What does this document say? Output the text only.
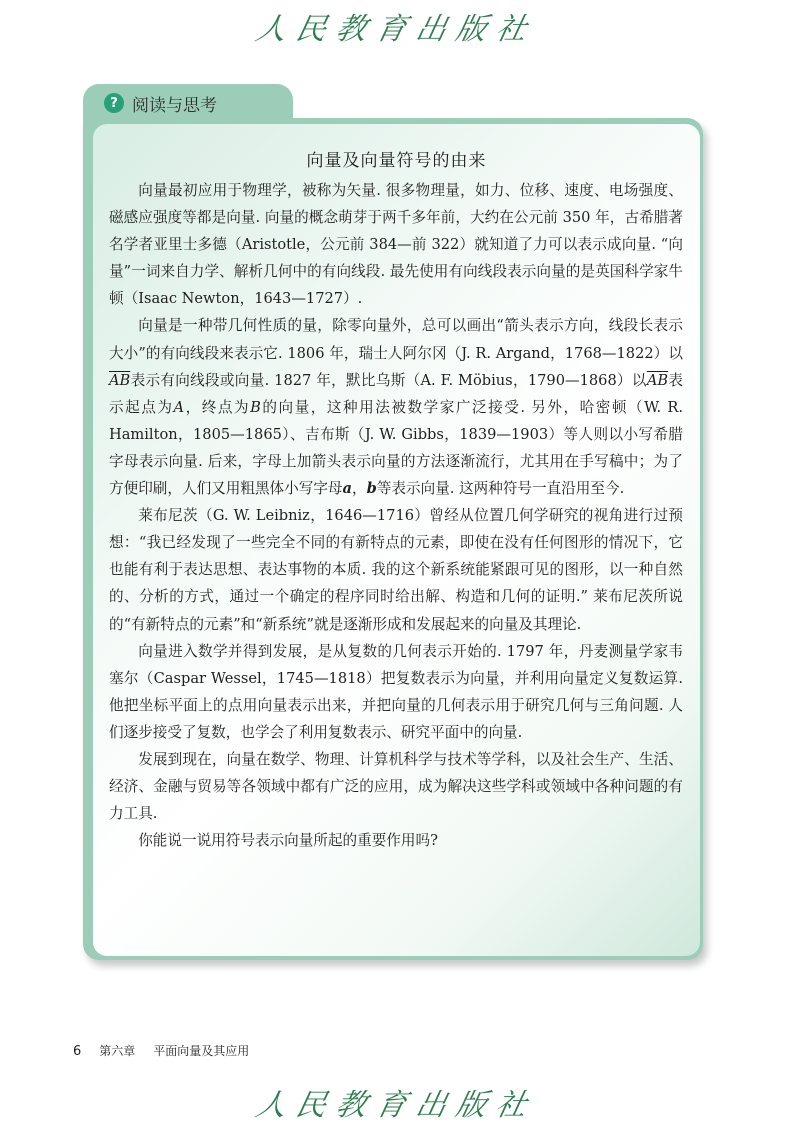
人民教育出版社
? 阅读与思考
向量及向量符号的由来

向量最初应用于物理学，被称为矢量. 很多物理量，如力、位移、速度、电场强度、磁感应强度等都是向量. 向量的概念萌芽于两千多年前，大约在公元前 350 年，古希腊著名学者亚里士多德（Aristotle，公元前 384—前 322）就知道了力可以表示成向量. “向量”一词来自力学、解析几何中的有向线段. 最先使用有向线段表示向量的是英国科学家牛顿（Isaac Newton，1643—1727）.

向量是一种带几何性质的量，除零向量外，总可以画出“箭头表示方向，线段长表示大小”的有向线段来表示它. 1806 年，瑞士人阿尔冈（J. R. Argand，1768—1822）以$\overline{AB}$表示有向线段或向量. 1827 年，默比乌斯（A. F. Möbius，1790—1868）以$\overline{AB}$表示起点为A，终点为B的向量，这种用法被数学家广泛接受. 另外，哈密顿（W. R. Hamilton，1805—1865）、吉布斯（J. W. Gibbs，1839—1903）等人则以小写希腊字母表示向量. 后来，字母上加箭头表示向量的方法逐渐流行，尤其用在手写稿中；为了方便印刷，人们又用粗黑体小写字母a，b等表示向量. 这两种符号一直沿用至今.

莱布尼茨（G. W. Leibniz，1646—1716）曾经从位置几何学研究的视角进行过预想：“我已经发现了一些完全不同的有新特点的元素，即使在没有任何图形的情况下，它也能有利于表达思想、表达事物的本质. 我的这个新系统能紧跟可见的图形，以一种自然的、分析的方式，通过一个确定的程序同时给出解、构造和几何的证明.” 莱布尼茨所说的“有新特点的元素”和“新系统”就是逐渐形成和发展起来的向量及其理论.

向量进入数学并得到发展，是从复数的几何表示开始的. 1797 年，丹麦测量学家韦塞尔（Caspar Wessel，1745—1818）把复数表示为向量，并利用向量定义复数运算. 他把坐标平面上的点用向量表示出来，并把向量的几何表示用于研究几何与三角问题. 人们逐步接受了复数，也学会了利用复数表示、研究平面中的向量.

发展到现在，向量在数学、物理、计算机科学与技术等学科，以及社会生产、生活、经济、金融与贸易等各领域中都有广泛的应用，成为解决这些学科或领域中各种问题的有力工具.

你能说一说用符号表示向量所起的重要作用吗?

6 第六章 平面向量及其应用
人民教育出版社
